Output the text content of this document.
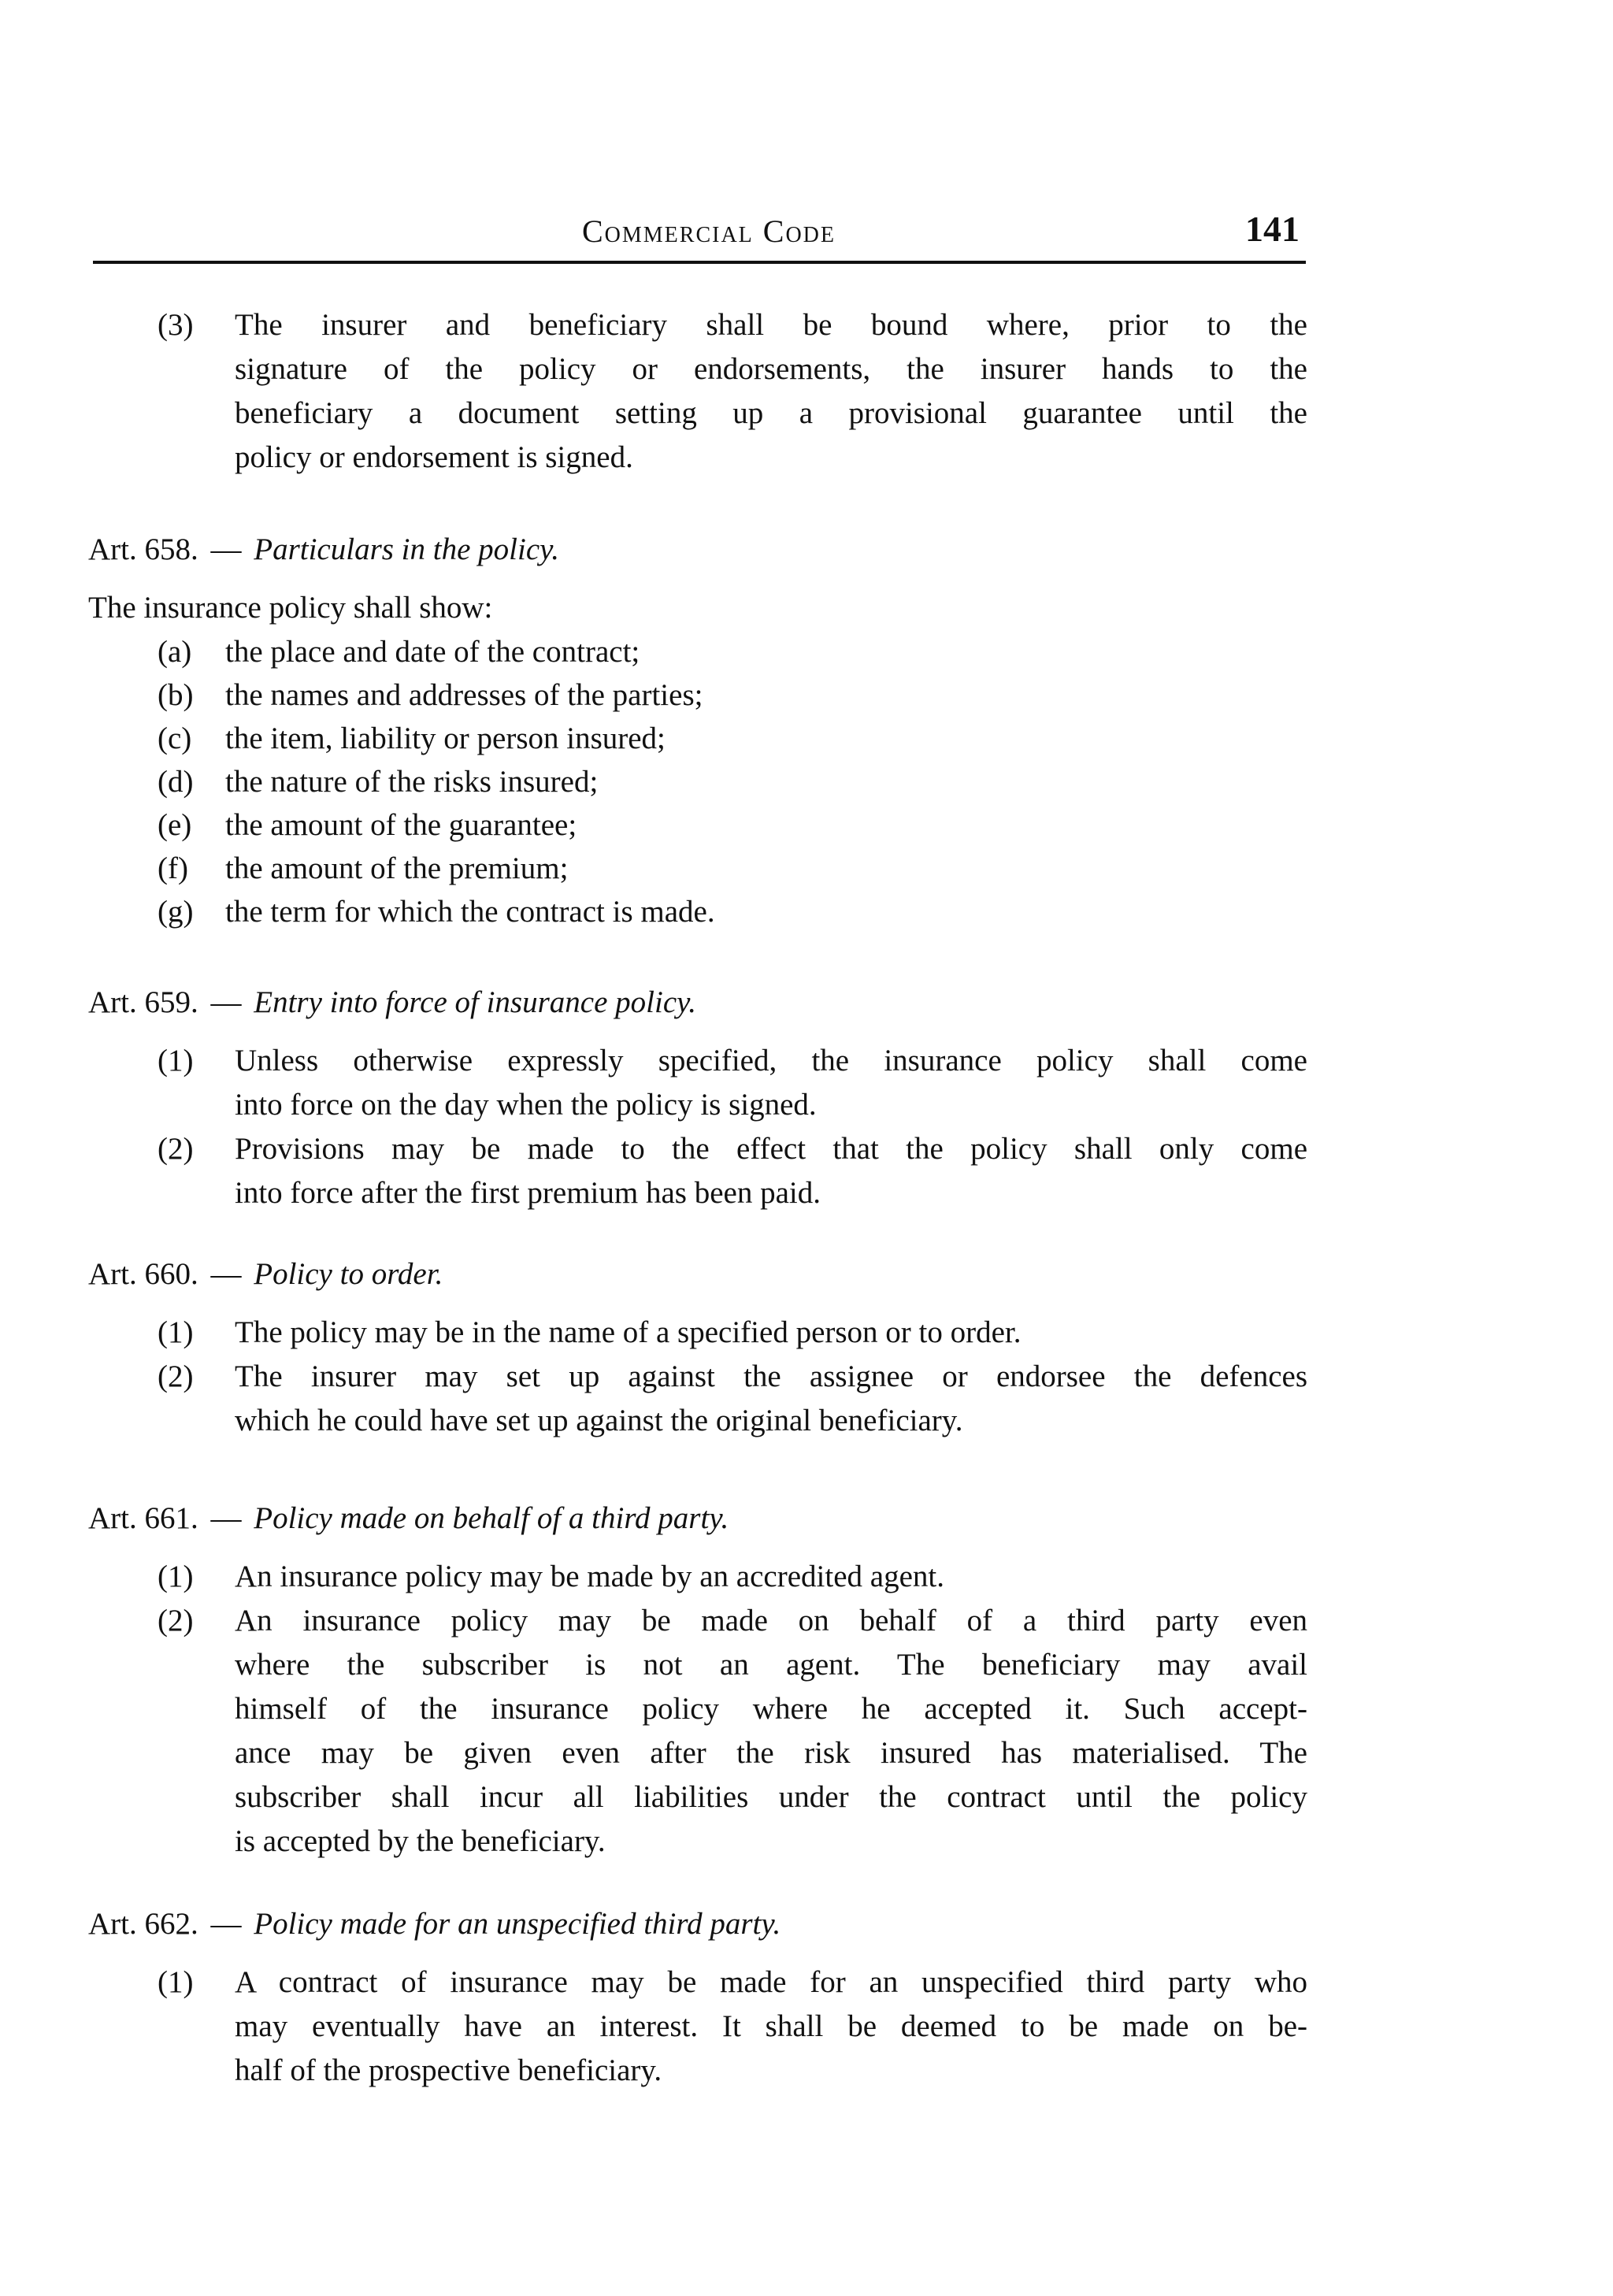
Commercial Code	141
(3) The insurer and beneficiary shall be bound where, prior to the
signature of the policy or endorsements, the insurer hands to the
beneficiary a document setting up a provisional guarantee until the
policy or endorsement is signed.
Art. 658. — Particulars in the policy.
The insurance policy shall show:
(a) the place and date of the contract;
(b) the names and addresses of the parties;
(c) the item, liability or person insured;
(d) the nature of the risks insured;
(e) the amount of the guarantee;
(f) the amount of the premium;
(g) the term for which the contract is made.
Art. 659. — Entry into force of insurance policy.
(1) Unless otherwise expressly specified, the insurance policy shall come
into force on the day when the policy is signed.
(2) Provisions may be made to the effect that the policy shall only come
into force after the first premium has been paid.
Art. 660. — Policy to order.
(1) The policy may be in the name of a specified person or to order.
(2) The insurer may set up against the assignee or endorsee the defences
which he could have set up against the original beneficiary.
Art. 661. — Policy made on behalf of a third party.
(1) An insurance policy may be made by an accredited agent.
(2) An insurance policy may be made on behalf of a third party even
where the subscriber is not an agent. The beneficiary may avail
himself of the insurance policy where he accepted it. Such accept-
ance may be given even after the risk insured has materialised. The
subscriber shall incur all liabilities under the contract until the policy
is accepted by the beneficiary.
Art. 662. — Policy made for an unspecified third party.
(1) A contract of insurance may be made for an unspecified third party who
may eventually have an interest. It shall be deemed to be made on be-
half of the prospective beneficiary.
